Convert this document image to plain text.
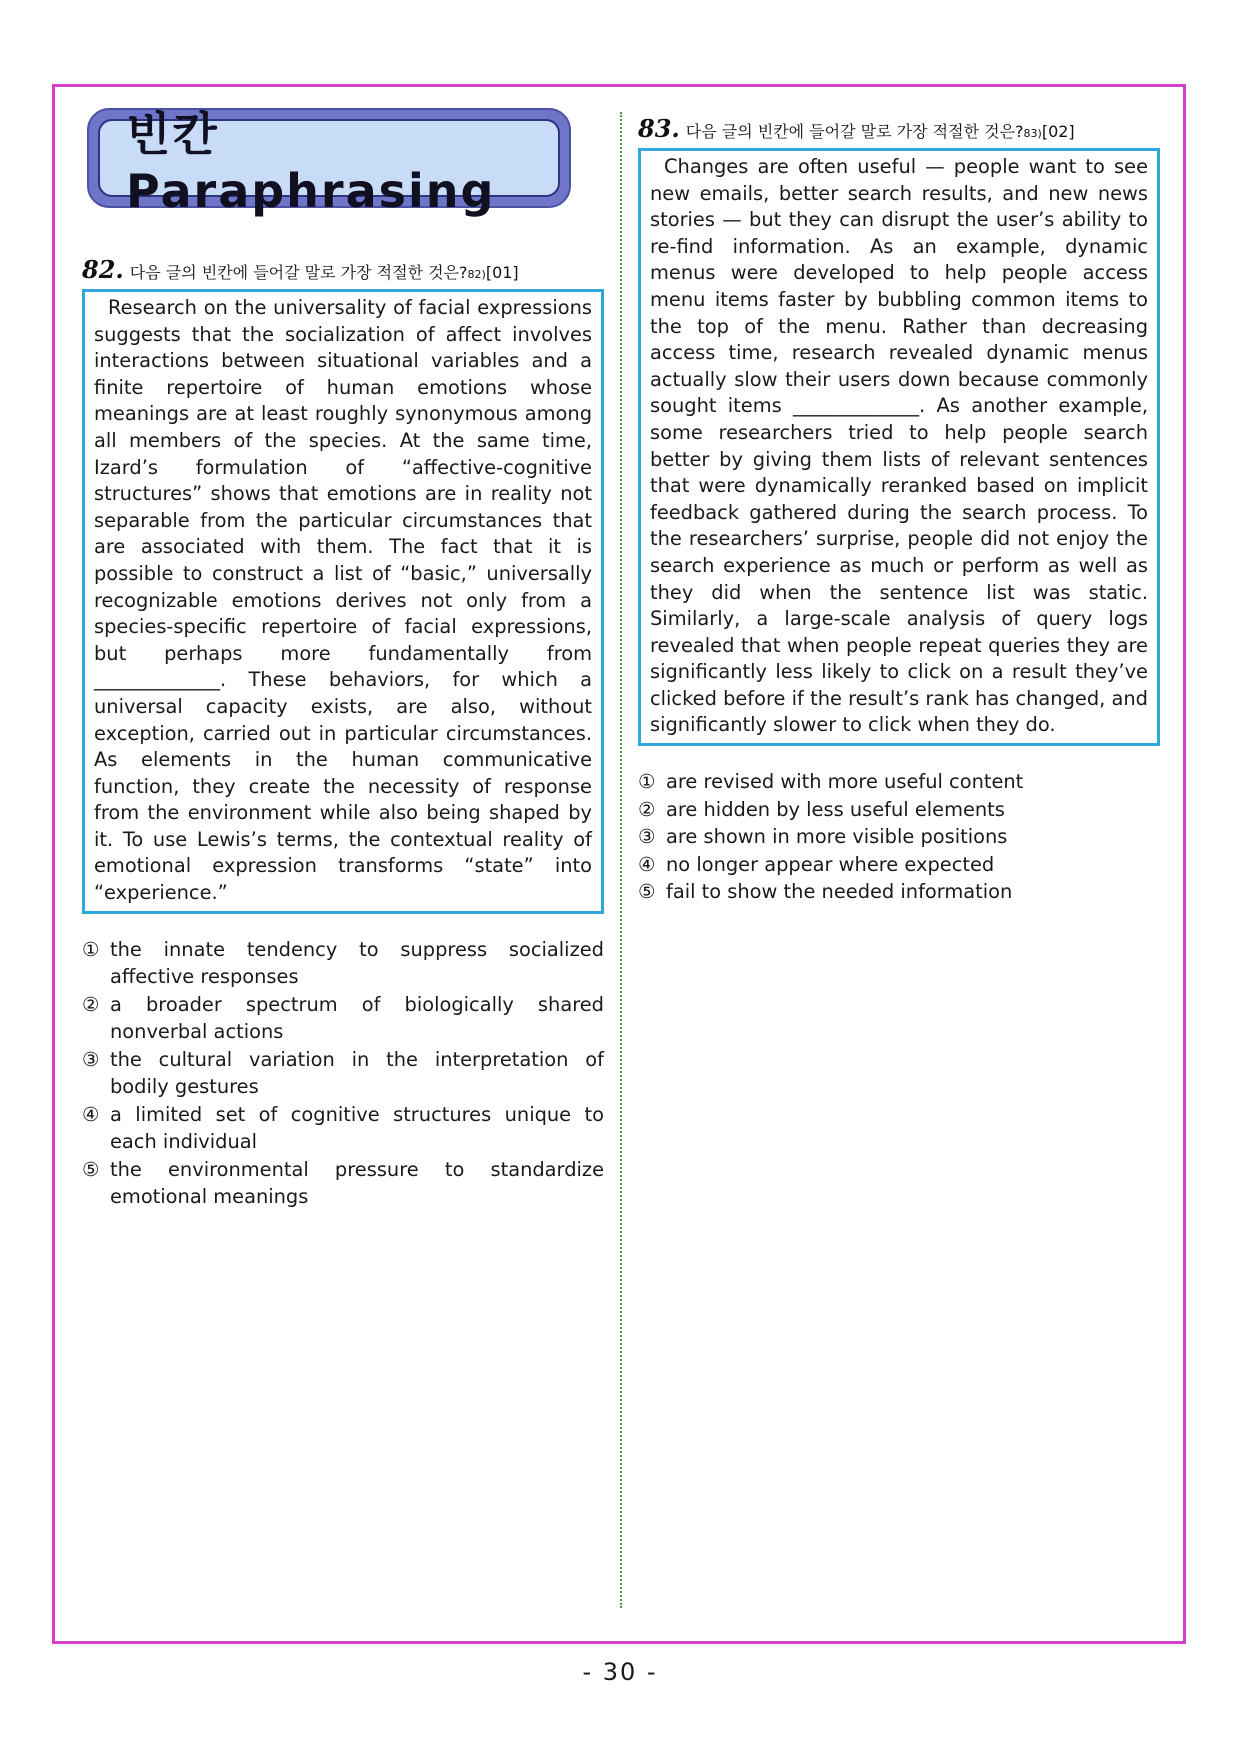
빈칸 Paraphrasing
82. 다음 글의 빈칸에 들어갈 말로 가장 적절한 것은? 82) [01]

Research on the universality of facial expressions suggests that the socialization of affect involves interactions between situational variables and a finite repertoire of human emotions whose meanings are at least roughly synonymous among all members of the species. At the same time, Izard’s formulation of “affective-cognitive structures” shows that emotions are in reality not separable from the particular circumstances that are associated with them. The fact that it is possible to construct a list of “basic,” universally recognizable emotions derives not only from a species-specific repertoire of facial expressions, but perhaps more fundamentally from _____________. These behaviors, for which a universal capacity exists, are also, without exception, carried out in particular circumstances. As elements in the human communicative function, they create the necessity of response from the environment while also being shaped by it. To use Lewis’s terms, the contextual reality of emotional expression transforms “state” into “experience.”

① the innate tendency to suppress socialized affective responses
② a broader spectrum of biologically shared nonverbal actions
③ the cultural variation in the interpretation of bodily gestures
④ a limited set of cognitive structures unique to each individual
⑤ the environmental pressure to standardize emotional meanings
83. 다음 글의 빈칸에 들어갈 말로 가장 적절한 것은? 83) [02]

Changes are often useful — people want to see new emails, better search results, and new news stories — but they can disrupt the user’s ability to re-find information. As an example, dynamic menus were developed to help people access menu items faster by bubbling common items to the top of the menu. Rather than decreasing access time, research revealed dynamic menus actually slow their users down because commonly sought items _____________. As another example, some researchers tried to help people search better by giving them lists of relevant sentences that were dynamically reranked based on implicit feedback gathered during the search process. To the researchers’ surprise, people did not enjoy the search experience as much or perform as well as they did when the sentence list was static. Similarly, a large-scale analysis of query logs revealed that when people repeat queries they are significantly less likely to click on a result they’ve clicked before if the result’s rank has changed, and significantly slower to click when they do.

① are revised with more useful content
② are hidden by less useful elements
③ are shown in more visible positions
④ no longer appear where expected
⑤ fail to show the needed information
- 30 -
